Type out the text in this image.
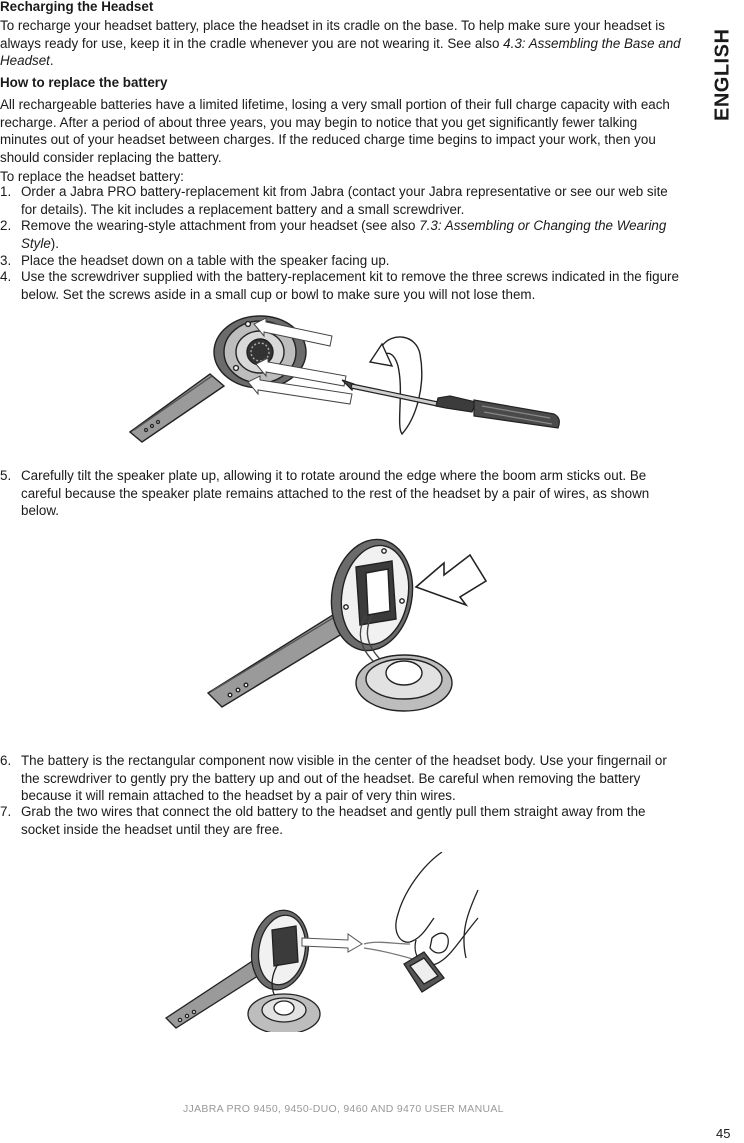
Recharging the Headset

To recharge your headset battery, place the headset in its cradle on the base. To help make sure your headset is always ready for use, keep it in the cradle whenever you are not wearing it. See also 4.3: Assembling the Base and Headset.

How to replace the battery

All rechargeable batteries have a limited lifetime, losing a very small portion of their full charge capacity with each recharge. After a period of about three years, you may begin to notice that you get significantly fewer talking minutes out of your headset between charges. If the reduced charge time begins to impact your work, then you should consider replacing the battery.

To replace the headset battery:

1. Order a Jabra PRO battery-replacement kit from Jabra (contact your Jabra representative or see our web site for details). The kit includes a replacement battery and a small screwdriver.
2. Remove the wearing-style attachment from your headset (see also 7.3: Assembling or Changing the Wearing Style).
3. Place the headset down on a table with the speaker facing up.
4. Use the screwdriver supplied with the battery-replacement kit to remove the three screws indicated in the figure below. Set the screws aside in a small cup or bowl to make sure you will not lose them.
5. Carefully tilt the speaker plate up, allowing it to rotate around the edge where the boom arm sticks out. Be careful because the speaker plate remains attached to the rest of the headset by a pair of wires, as shown below.
6. The battery is the rectangular component now visible in the center of the headset body. Use your fingernail or the screwdriver to gently pry the battery up and out of the headset. Be careful when removing the battery because it will remain attached to the headset by a pair of very thin wires.
7. Grab the two wires that connect the old battery to the headset and gently pull them straight away from the socket inside the headset until they are free.
ENGLISH
JJABRA PRO 9450, 9450-DUO, 9460 AND 9470 USER MANUAL
45
